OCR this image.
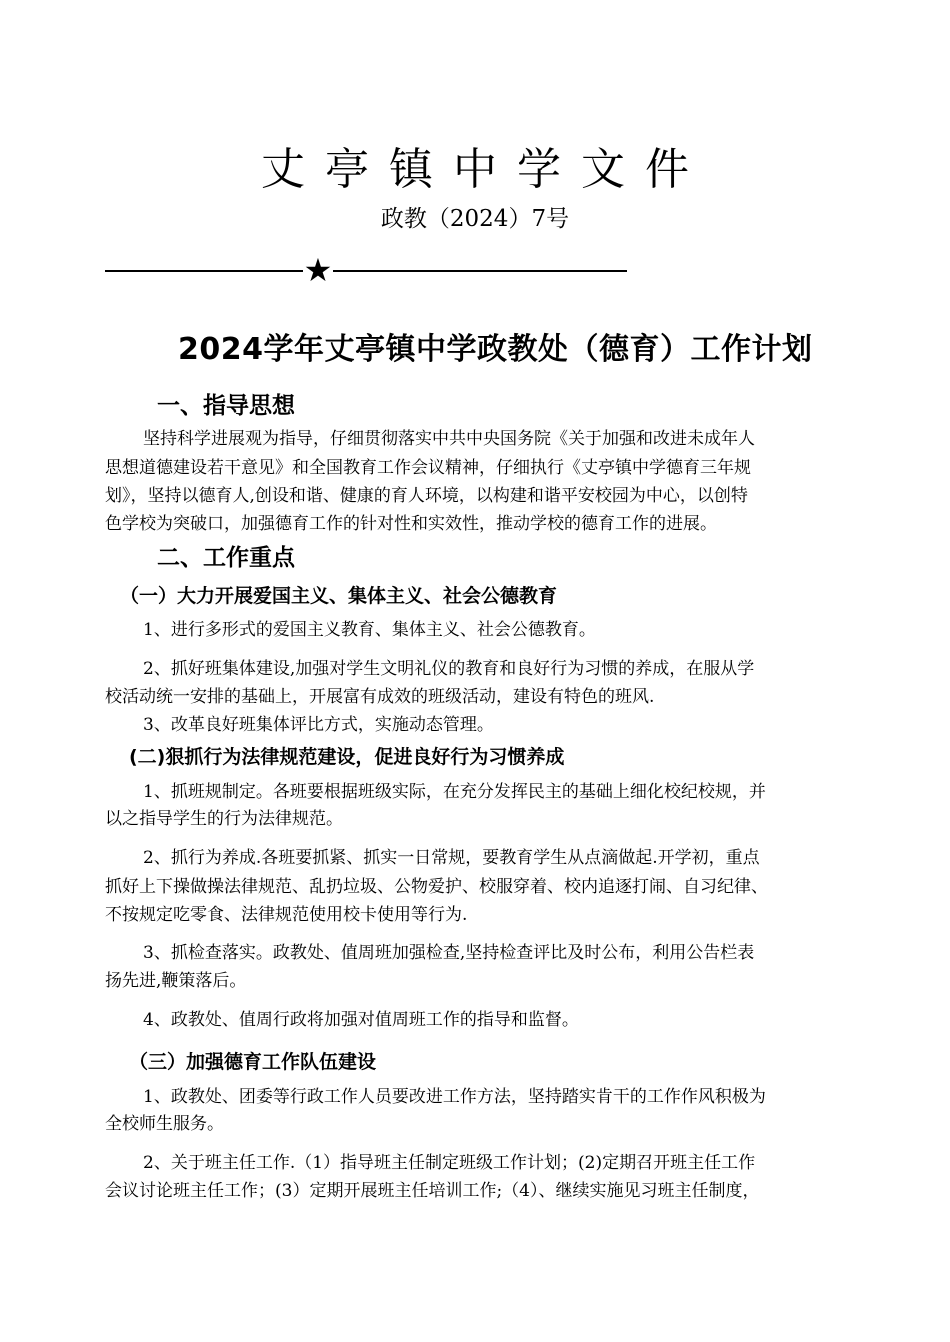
丈亭镇中学文件
政教（2024）7号
★
2024学年丈亭镇中学政教处（德育）工作计划
一、指导思想
坚持科学进展观为指导，仔细贯彻落实中共中央国务院《关于加强和改进未成年人
思想道德建设若干意见》和全国教育工作会议精神，仔细执行《丈亭镇中学德育三年规
划》，坚持以德育人,创设和谐、健康的育人环境，以构建和谐平安校园为中心，以创特
色学校为突破口，加强德育工作的针对性和实效性，推动学校的德育工作的进展。
二、工作重点
（一）大力开展爱国主义、集体主义、社会公德教育
1、进行多形式的爱国主义教育、集体主义、社会公德教育。
2、抓好班集体建设,加强对学生文明礼仪的教育和良好行为习惯的养成，在服从学
校活动统一安排的基础上，开展富有成效的班级活动，建设有特色的班风.
3、改革良好班集体评比方式，实施动态管理。
(二)狠抓行为法律规范建设，促进良好行为习惯养成
1、抓班规制定。各班要根据班级实际，在充分发挥民主的基础上细化校纪校规，并
以之指导学生的行为法律规范。
2、抓行为养成.各班要抓紧、抓实一日常规，要教育学生从点滴做起.开学初，重点
抓好上下操做操法律规范、乱扔垃圾、公物爱护、校服穿着、校内追逐打闹、自习纪律、
不按规定吃零食、法律规范使用校卡使用等行为.
3、抓检查落实。政教处、值周班加强检查,坚持检查评比及时公布，利用公告栏表
扬先进,鞭策落后。
4、政教处、值周行政将加强对值周班工作的指导和监督。
（三）加强德育工作队伍建设
1、政教处、团委等行政工作人员要改进工作方法，坚持踏实肯干的工作作风积极为
全校师生服务。
2、关于班主任工作.（1）指导班主任制定班级工作计划；(2)定期召开班主任工作
会议讨论班主任工作；(3）定期开展班主任培训工作;（4）、继续实施见习班主任制度，
